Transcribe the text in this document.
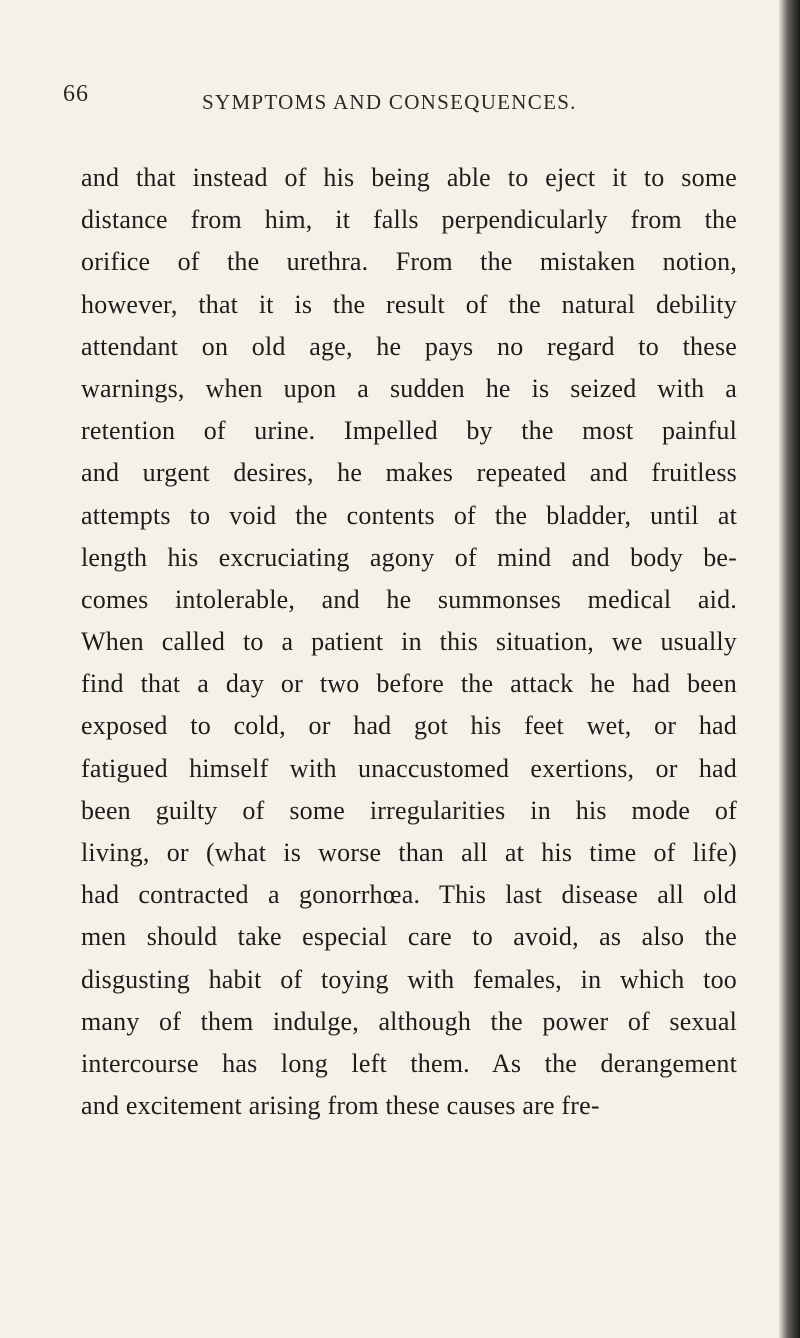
66	SYMPTOMS AND CONSEQUENCES.
and that instead of his being able to eject it to some
distance from him, it falls perpendicularly from the
orifice of the urethra. From the mistaken notion,
however, that it is the result of the natural debility
attendant on old age, he pays no regard to these
warnings, when upon a sudden he is seized with a
retention of urine. Impelled by the most painful
and urgent desires, he makes repeated and fruitless
attempts to void the contents of the bladder, until at
length his excruciating agony of mind and body be-
comes intolerable, and he summonses medical aid.
When called to a patient in this situation, we usually
find that a day or two before the attack he had been
exposed to cold, or had got his feet wet, or had
fatigued himself with unaccustomed exertions, or had
been guilty of some irregularities in his mode of
living, or (what is worse than all at his time of life)
had contracted a gonorrhœa. This last disease all old
men should take especial care to avoid, as also the
disgusting habit of toying with females, in which too
many of them indulge, although the power of sexual
intercourse has long left them. As the derangement
and excitement arising from these causes are fre-
